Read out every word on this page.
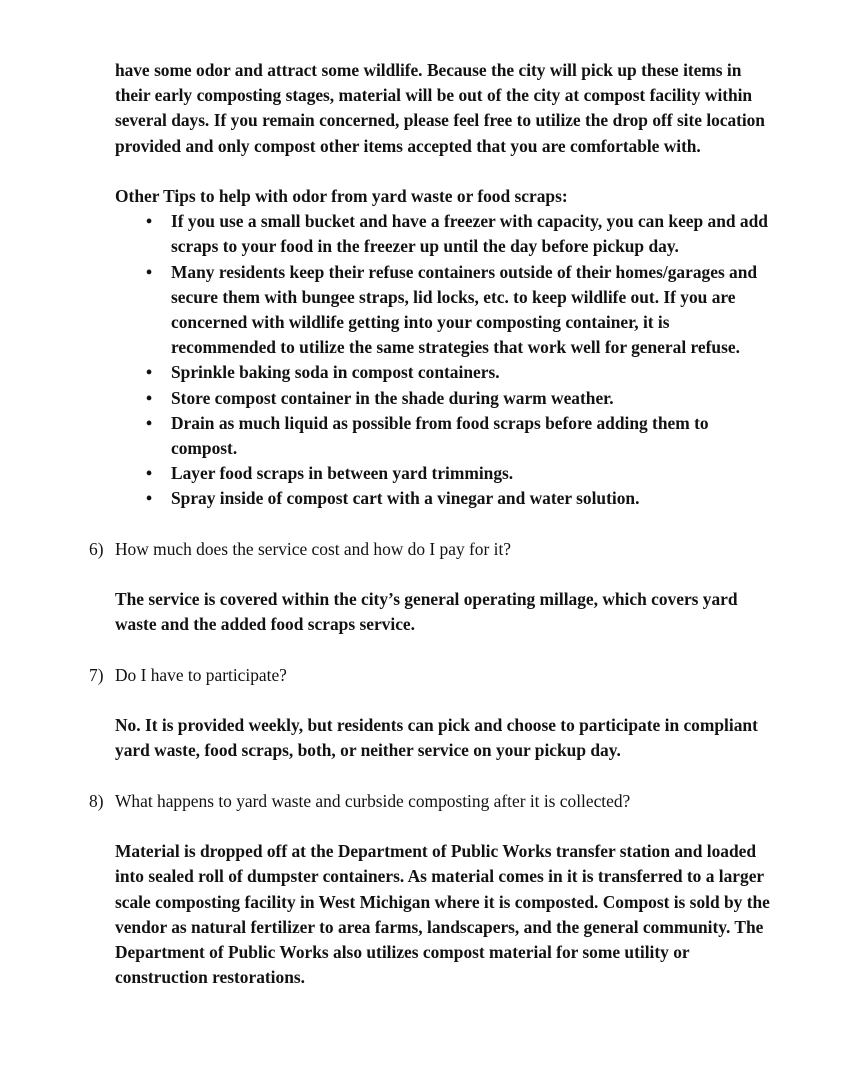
have some odor and attract some wildlife. Because the city will pick up these items in their early composting stages, material will be out of the city at compost facility within several days. If you remain concerned, please feel free to utilize the drop off site location provided and only compost other items accepted that you are comfortable with.

Other Tips to help with odor from yard waste or food scraps:

• If you use a small bucket and have a freezer with capacity, you can keep and add scraps to your food in the freezer up until the day before pickup day.
• Many residents keep their refuse containers outside of their homes/garages and secure them with bungee straps, lid locks, etc. to keep wildlife out. If you are concerned with wildlife getting into your composting container, it is recommended to utilize the same strategies that work well for general refuse.
• Sprinkle baking soda in compost containers.
• Store compost container in the shade during warm weather.
• Drain as much liquid as possible from food scraps before adding them to compost.
• Layer food scraps in between yard trimmings.
• Spray inside of compost cart with a vinegar and water solution.

6) How much does the service cost and how do I pay for it?

The service is covered within the city’s general operating millage, which covers yard waste and the added food scraps service.

7) Do I have to participate?

No. It is provided weekly, but residents can pick and choose to participate in compliant yard waste, food scraps, both, or neither service on your pickup day.

8) What happens to yard waste and curbside composting after it is collected?

Material is dropped off at the Department of Public Works transfer station and loaded into sealed roll of dumpster containers. As material comes in it is transferred to a larger scale composting facility in West Michigan where it is composted. Compost is sold by the vendor as natural fertilizer to area farms, landscapers, and the general community. The Department of Public Works also utilizes compost material for some utility or construction restorations.
